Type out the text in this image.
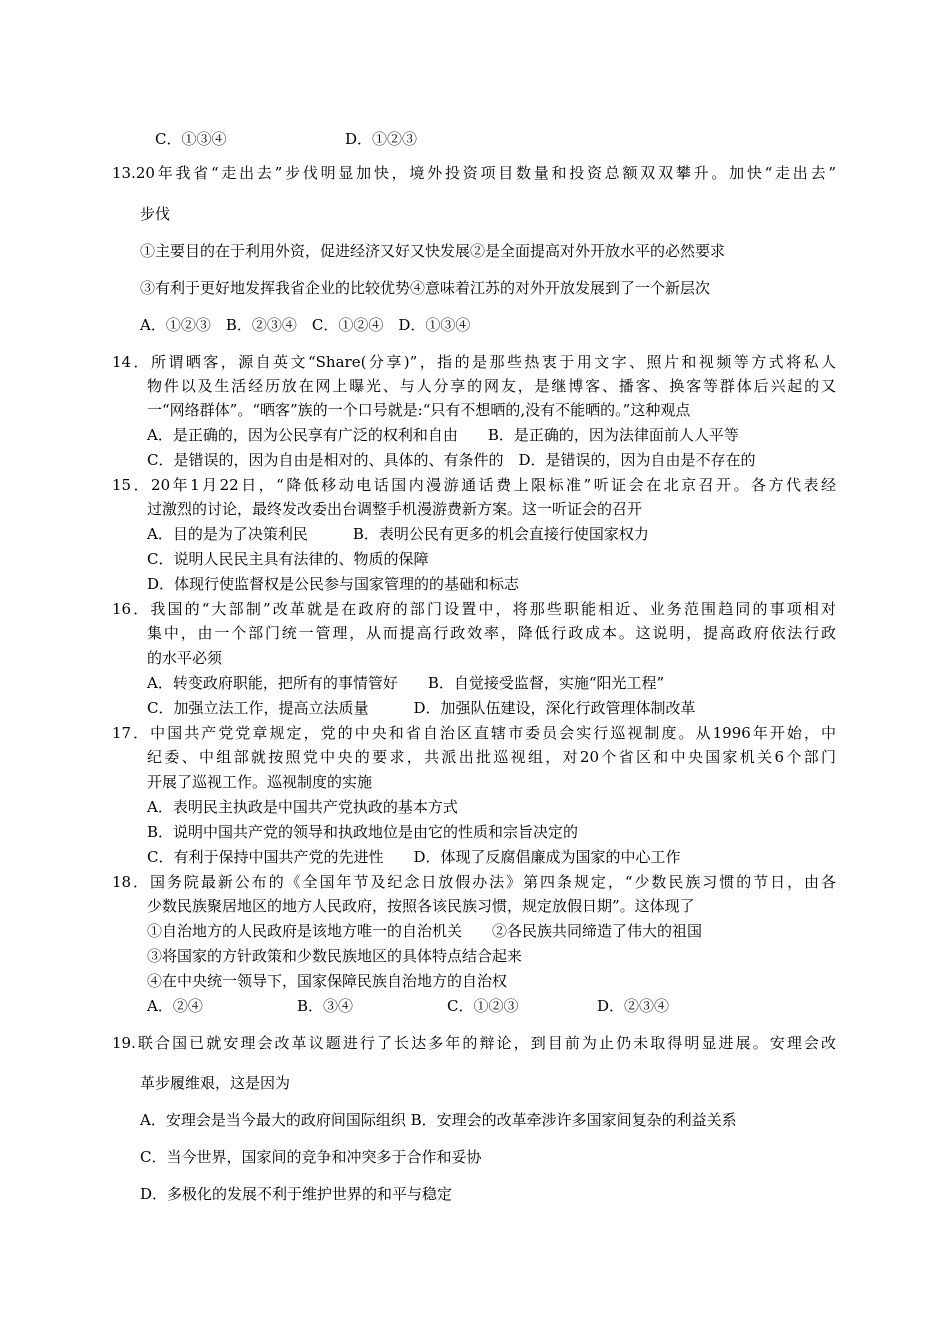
C．①③④	D．①②③
13.20年我省“走出去”步伐明显加快，境外投资项目数量和投资总额双双攀升。加快“走出去”
步伐
①主要目的在于利用外资，促进经济又好又快发展②是全面提高对外开放水平的必然要求
③有利于更好地发挥我省企业的比较优势④意味着江苏的对外开放发展到了一个新层次
A．①②③　B．②③④　C．①②④　D．①③④
14．所谓晒客，源自英文“Share(分享)”，指的是那些热衷于用文字、照片和视频等方式将私人
物件以及生活经历放在网上曝光、与人分享的网友，是继博客、播客、换客等群体后兴起的又
一“网络群体”。“晒客”族的一个口号就是:“只有不想晒的,没有不能晒的。”这种观点
A．是正确的，因为公民享有广泛的权利和自由　　B．是正确的，因为法律面前人人平等
C．是错误的，因为自由是相对的、具体的、有条件的　D．是错误的，因为自由是不存在的
15．20年1月22日，“降低移动电话国内漫游通话费上限标准”听证会在北京召开。各方代表经
过激烈的讨论，最终发改委出台调整手机漫游费新方案。这一听证会的召开
A．目的是为了决策利民　　　B．表明公民有更多的机会直接行使国家权力
C．说明人民民主具有法律的、物质的保障
D．体现行使监督权是公民参与国家管理的的基础和标志
16．我国的“大部制”改革就是在政府的部门设置中，将那些职能相近、业务范围趋同的事项相对
集中，由一个部门统一管理，从而提高行政效率，降低行政成本。这说明，提高政府依法行政
的水平必须
A．转变政府职能，把所有的事情管好　　B．自觉接受监督，实施“阳光工程”
C．加强立法工作，提高立法质量　　　D．加强队伍建设，深化行政管理体制改革
17．中国共产党党章规定，党的中央和省自治区直辖市委员会实行巡视制度。从1996年开始，中
纪委、中组部就按照党中央的要求，共派出批巡视组，对20个省区和中央国家机关6个部门
开展了巡视工作。巡视制度的实施
A．表明民主执政是中国共产党执政的基本方式
B．说明中国共产党的领导和执政地位是由它的性质和宗旨决定的
C．有利于保持中国共产党的先进性　　D．体现了反腐倡廉成为国家的中心工作
18．国务院最新公布的《全国年节及纪念日放假办法》第四条规定，“少数民族习惯的节日，由各
少数民族聚居地区的地方人民政府，按照各该民族习惯，规定放假日期”。这体现了
①自治地方的人民政府是该地方唯一的自治机关　　②各民族共同缔造了伟大的祖国
③将国家的方针政策和少数民族地区的具体特点结合起来
④在中央统一领导下，国家保障民族自治地方的自治权
A．②④	B．③④	C．①②③	D．②③④
19.联合国已就安理会改革议题进行了长达多年的辩论，到目前为止仍未取得明显进展。安理会改
革步履维艰，这是因为
A．安理会是当今最大的政府间国际组织 B．安理会的改革牵涉许多国家间复杂的利益关系
C．当今世界，国家间的竞争和冲突多于合作和妥协
D．多极化的发展不利于维护世界的和平与稳定
